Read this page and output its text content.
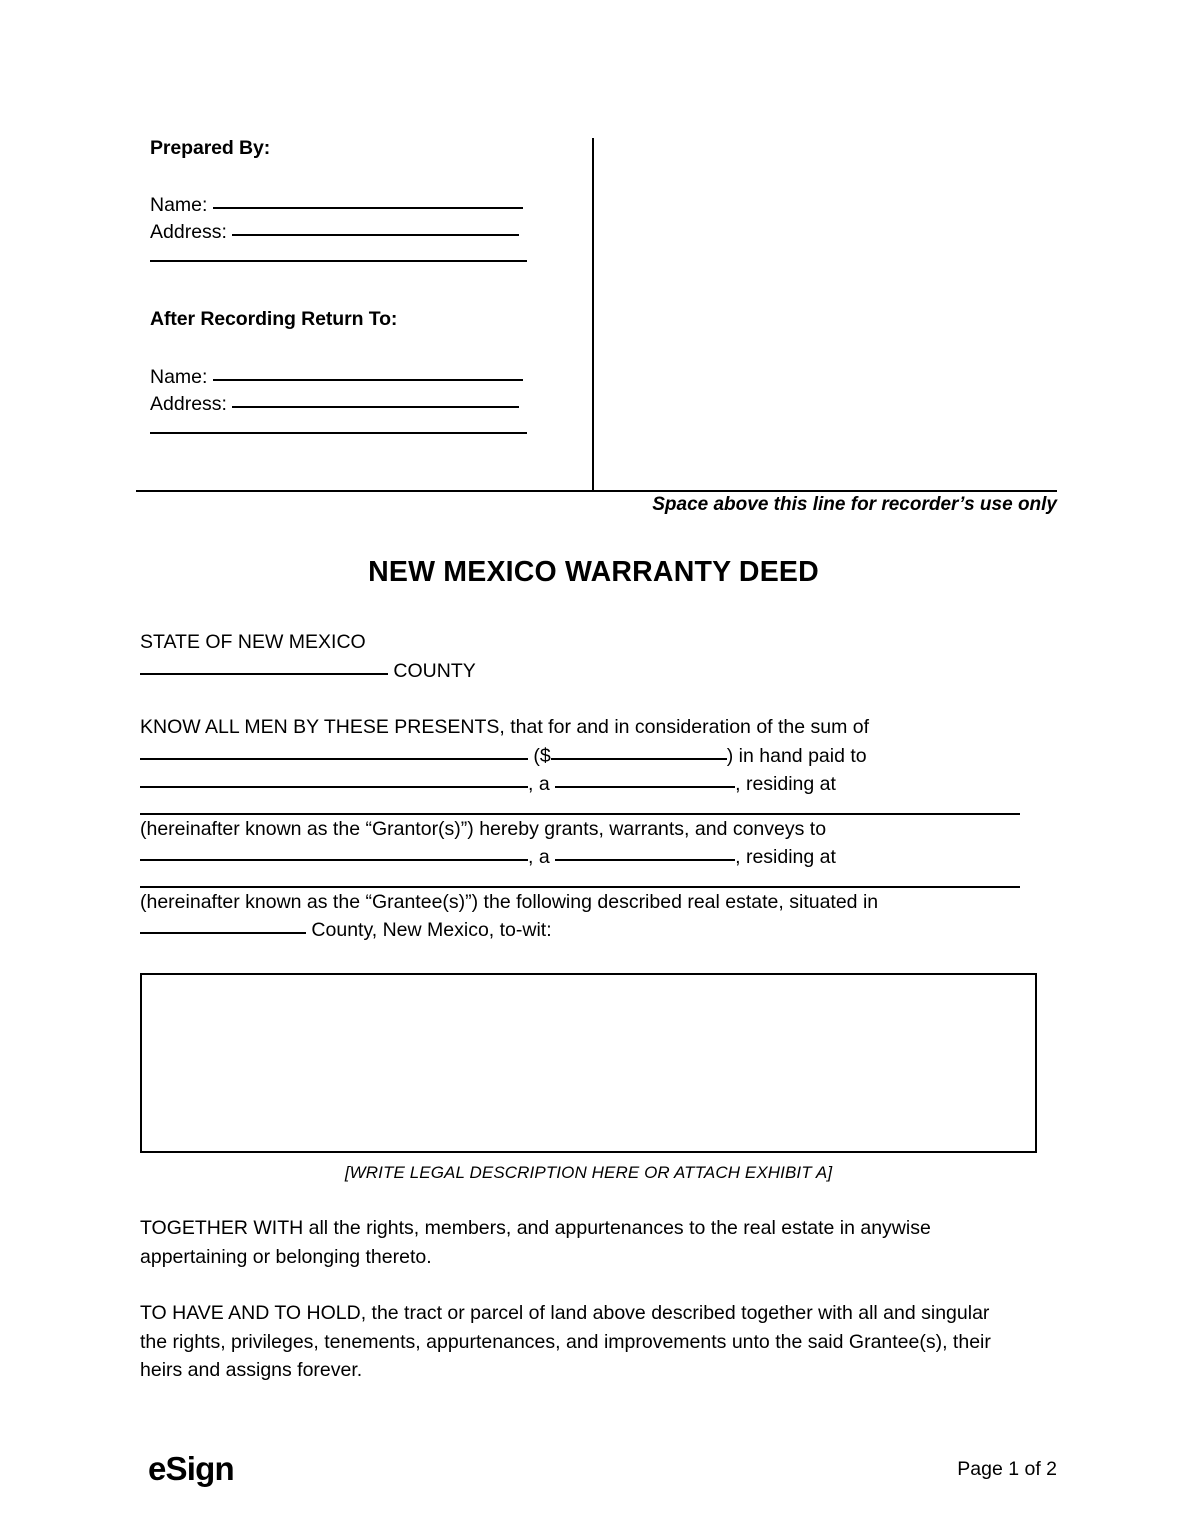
Prepared By:
Name:
Address:
After Recording Return To:
Name:
Address:
Space above this line for recorder’s use only
NEW MEXICO WARRANTY DEED
STATE OF NEW MEXICO
COUNTY
KNOW ALL MEN BY THESE PRESENTS, that for and in consideration of the sum of
($	) in hand paid to
, a	, residing at
(hereinafter known as the “Grantor(s)”) hereby grants, warrants, and conveys to
, a	, residing at
(hereinafter known as the “Grantee(s)”) the following described real estate, situated in
County, New Mexico, to-wit:
[WRITE LEGAL DESCRIPTION HERE OR ATTACH EXHIBIT A]

TOGETHER WITH all the rights, members, and appurtenances to the real estate in anywise appertaining or belonging thereto.

TO HAVE AND TO HOLD, the tract or parcel of land above described together with all and singular the rights, privileges, tenements, appurtenances, and improvements unto the said Grantee(s), their heirs and assigns forever.

eSign	Page 1 of 2
